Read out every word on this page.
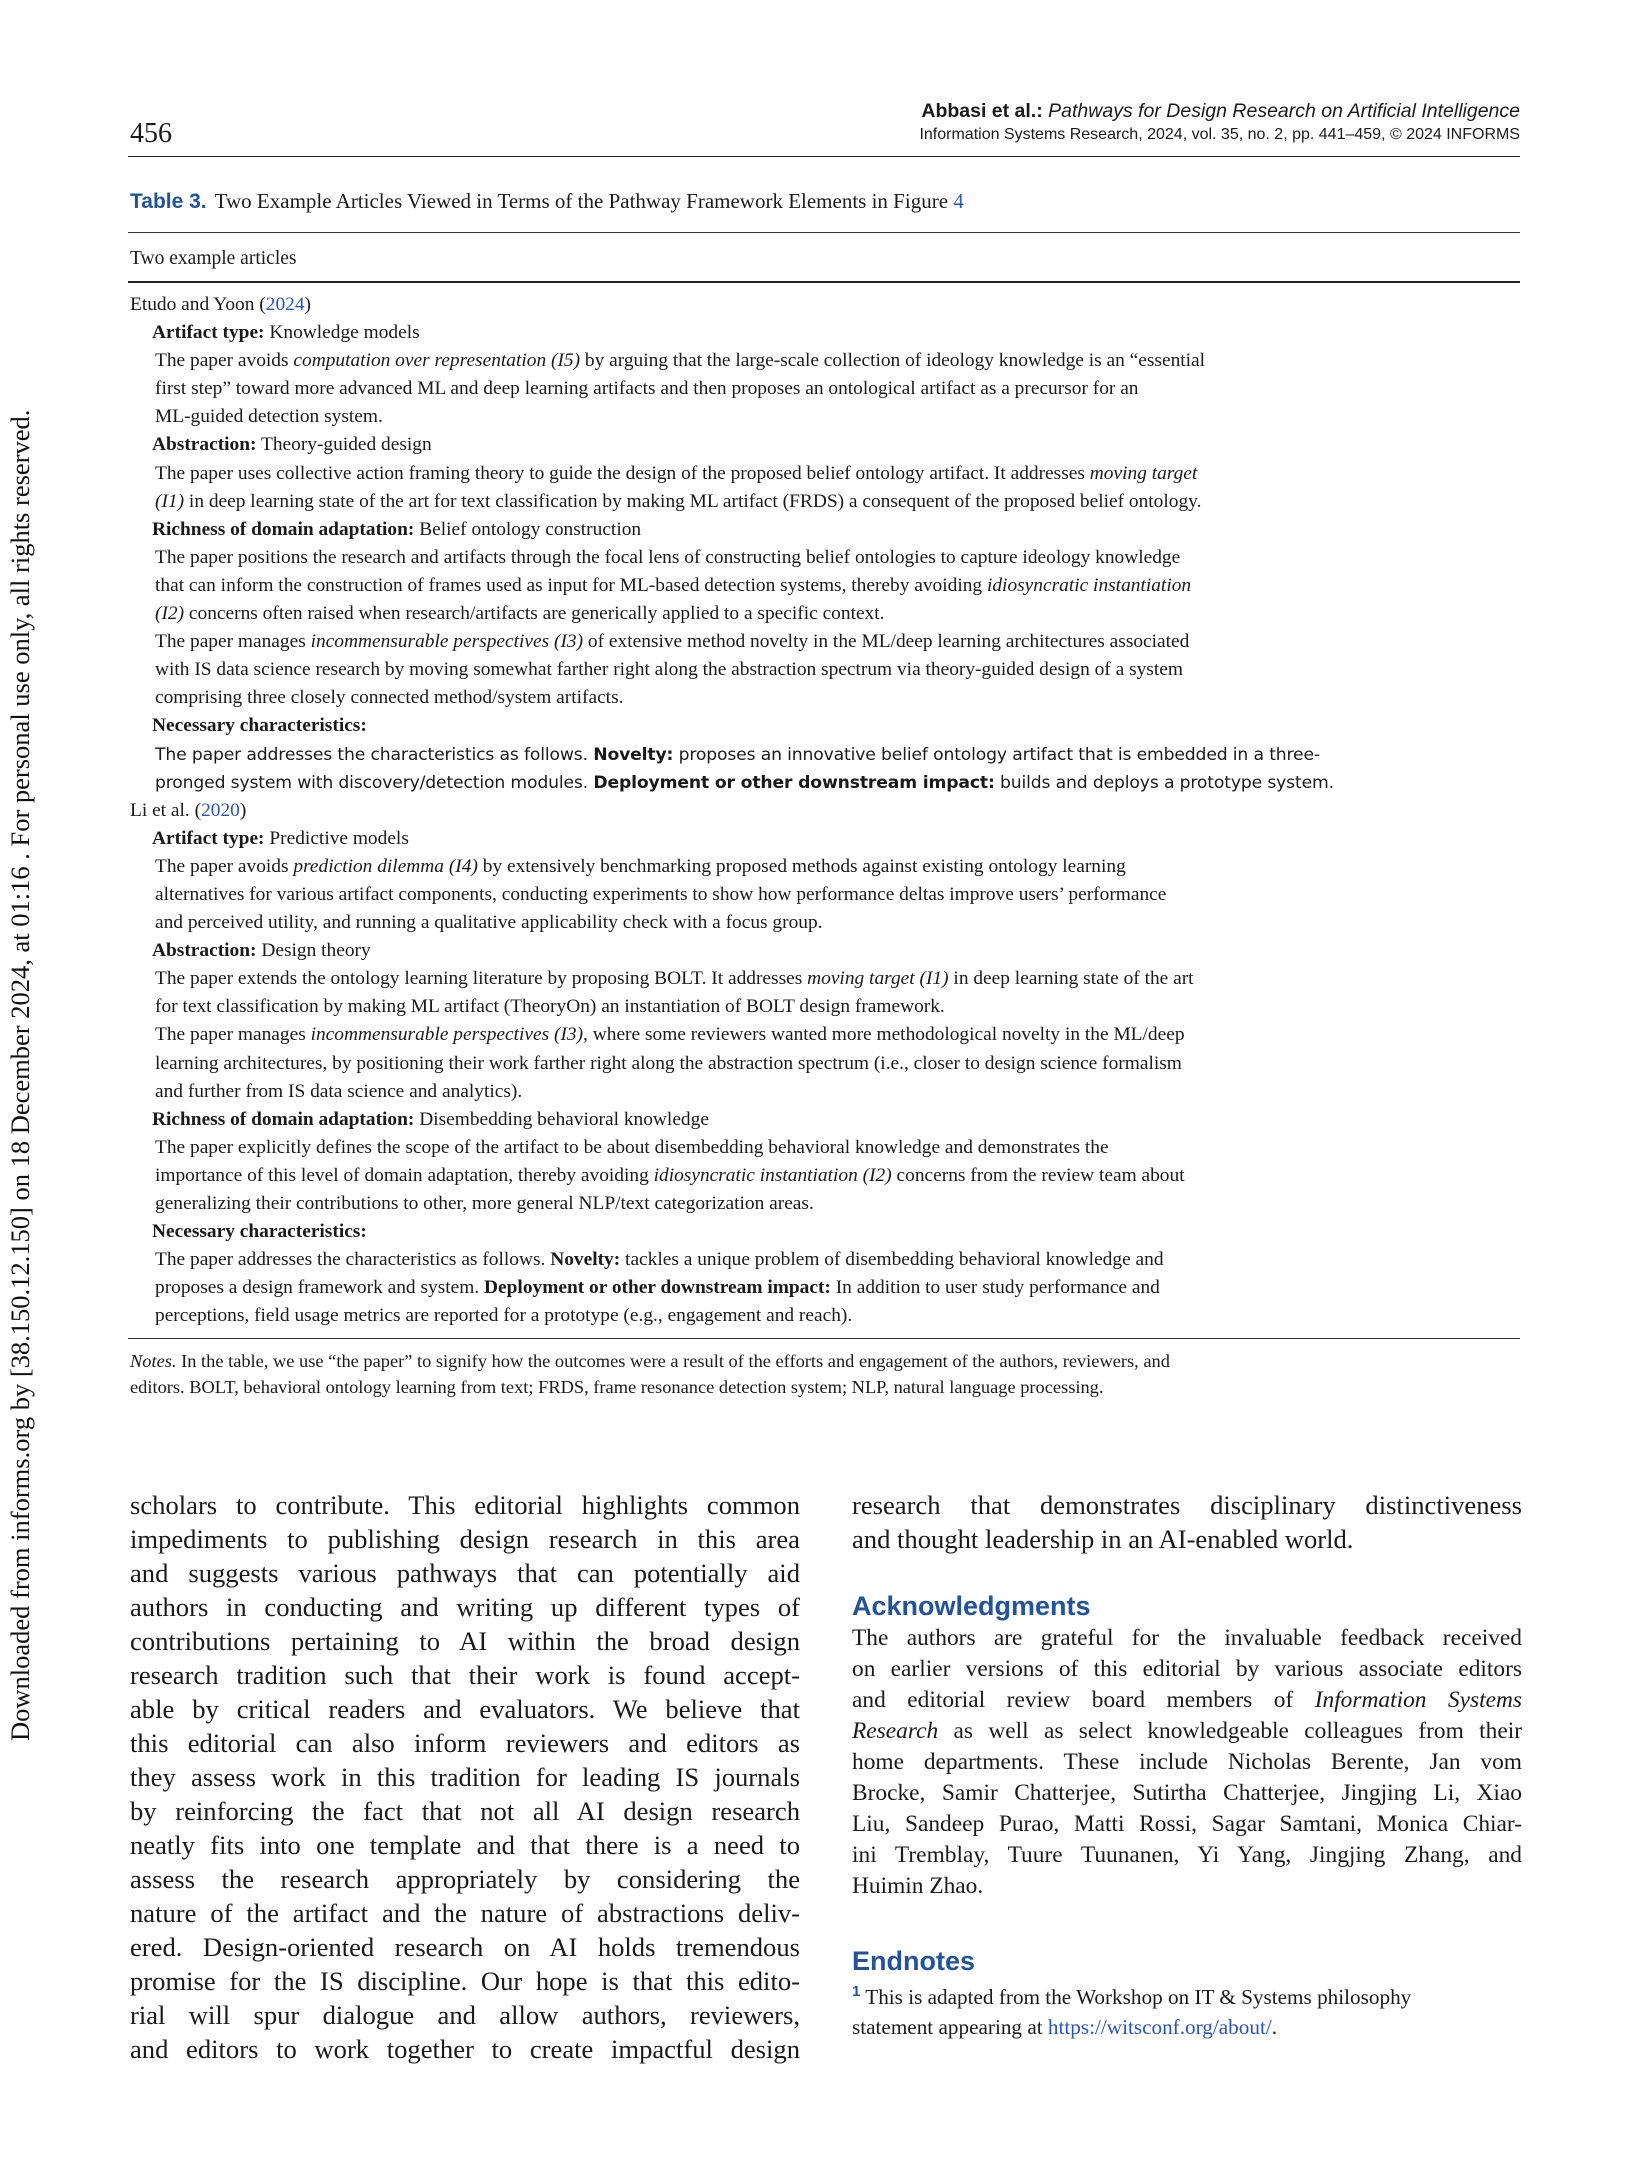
Downloaded from informs.org by [38.150.12.150] on 18 December 2024, at 01:16 . For personal use only, all rights reserved.
456
Abbasi et al.: Pathways for Design Research on Artificial Intelligence
Information Systems Research, 2024, vol. 35, no. 2, pp. 441–459, © 2024 INFORMS
Table 3. Two Example Articles Viewed in Terms of the Pathway Framework Elements in Figure 4
Two example articles
Etudo and Yoon (2024)
Artifact type: Knowledge models
The paper avoids computation over representation (I5) by arguing that the large-scale collection of ideology knowledge is an “essential
first step” toward more advanced ML and deep learning artifacts and then proposes an ontological artifact as a precursor for an
ML-guided detection system.
Abstraction: Theory-guided design
The paper uses collective action framing theory to guide the design of the proposed belief ontology artifact. It addresses moving target
(I1) in deep learning state of the art for text classification by making ML artifact (FRDS) a consequent of the proposed belief ontology.
Richness of domain adaptation: Belief ontology construction
The paper positions the research and artifacts through the focal lens of constructing belief ontologies to capture ideology knowledge
that can inform the construction of frames used as input for ML-based detection systems, thereby avoiding idiosyncratic instantiation
(I2) concerns often raised when research/artifacts are generically applied to a specific context.
The paper manages incommensurable perspectives (I3) of extensive method novelty in the ML/deep learning architectures associated
with IS data science research by moving somewhat farther right along the abstraction spectrum via theory-guided design of a system
comprising three closely connected method/system artifacts.
Necessary characteristics:
The paper addresses the characteristics as follows. Novelty: proposes an innovative belief ontology artifact that is embedded in a three-
pronged system with discovery/detection modules. Deployment or other downstream impact: builds and deploys a prototype system.
Li et al. (2020)
Artifact type: Predictive models
The paper avoids prediction dilemma (I4) by extensively benchmarking proposed methods against existing ontology learning
alternatives for various artifact components, conducting experiments to show how performance deltas improve users’ performance
and perceived utility, and running a qualitative applicability check with a focus group.
Abstraction: Design theory
The paper extends the ontology learning literature by proposing BOLT. It addresses moving target (I1) in deep learning state of the art
for text classification by making ML artifact (TheoryOn) an instantiation of BOLT design framework.
The paper manages incommensurable perspectives (I3), where some reviewers wanted more methodological novelty in the ML/deep
learning architectures, by positioning their work farther right along the abstraction spectrum (i.e., closer to design science formalism
and further from IS data science and analytics).
Richness of domain adaptation: Disembedding behavioral knowledge
The paper explicitly defines the scope of the artifact to be about disembedding behavioral knowledge and demonstrates the
importance of this level of domain adaptation, thereby avoiding idiosyncratic instantiation (I2) concerns from the review team about
generalizing their contributions to other, more general NLP/text categorization areas.
Necessary characteristics:
The paper addresses the characteristics as follows. Novelty: tackles a unique problem of disembedding behavioral knowledge and
proposes a design framework and system. Deployment or other downstream impact: In addition to user study performance and
perceptions, field usage metrics are reported for a prototype (e.g., engagement and reach).
Notes. In the table, we use “the paper” to signify how the outcomes were a result of the efforts and engagement of the authors, reviewers, and
editors. BOLT, behavioral ontology learning from text; FRDS, frame resonance detection system; NLP, natural language processing.
scholars to contribute. This editorial highlights common
impediments to publishing design research in this area
and suggests various pathways that can potentially aid
authors in conducting and writing up different types of
contributions pertaining to AI within the broad design
research tradition such that their work is found accept-
able by critical readers and evaluators. We believe that
this editorial can also inform reviewers and editors as
they assess work in this tradition for leading IS journals
by reinforcing the fact that not all AI design research
neatly fits into one template and that there is a need to
assess the research appropriately by considering the
nature of the artifact and the nature of abstractions deliv-
ered. Design-oriented research on AI holds tremendous
promise for the IS discipline. Our hope is that this edito-
rial will spur dialogue and allow authors, reviewers,
and editors to work together to create impactful design
research that demonstrates disciplinary distinctiveness
and thought leadership in an AI-enabled world.
Acknowledgments
The authors are grateful for the invaluable feedback received
on earlier versions of this editorial by various associate editors
and editorial review board members of Information Systems
Research as well as select knowledgeable colleagues from their
home departments. These include Nicholas Berente, Jan vom
Brocke, Samir Chatterjee, Sutirtha Chatterjee, Jingjing Li, Xiao
Liu, Sandeep Purao, Matti Rossi, Sagar Samtani, Monica Chiar-
ini Tremblay, Tuure Tuunanen, Yi Yang, Jingjing Zhang, and
Huimin Zhao.
Endnotes
$^1$ This is adapted from the Workshop on IT & Systems philosophy
statement appearing at https://witsconf.org/about/.
